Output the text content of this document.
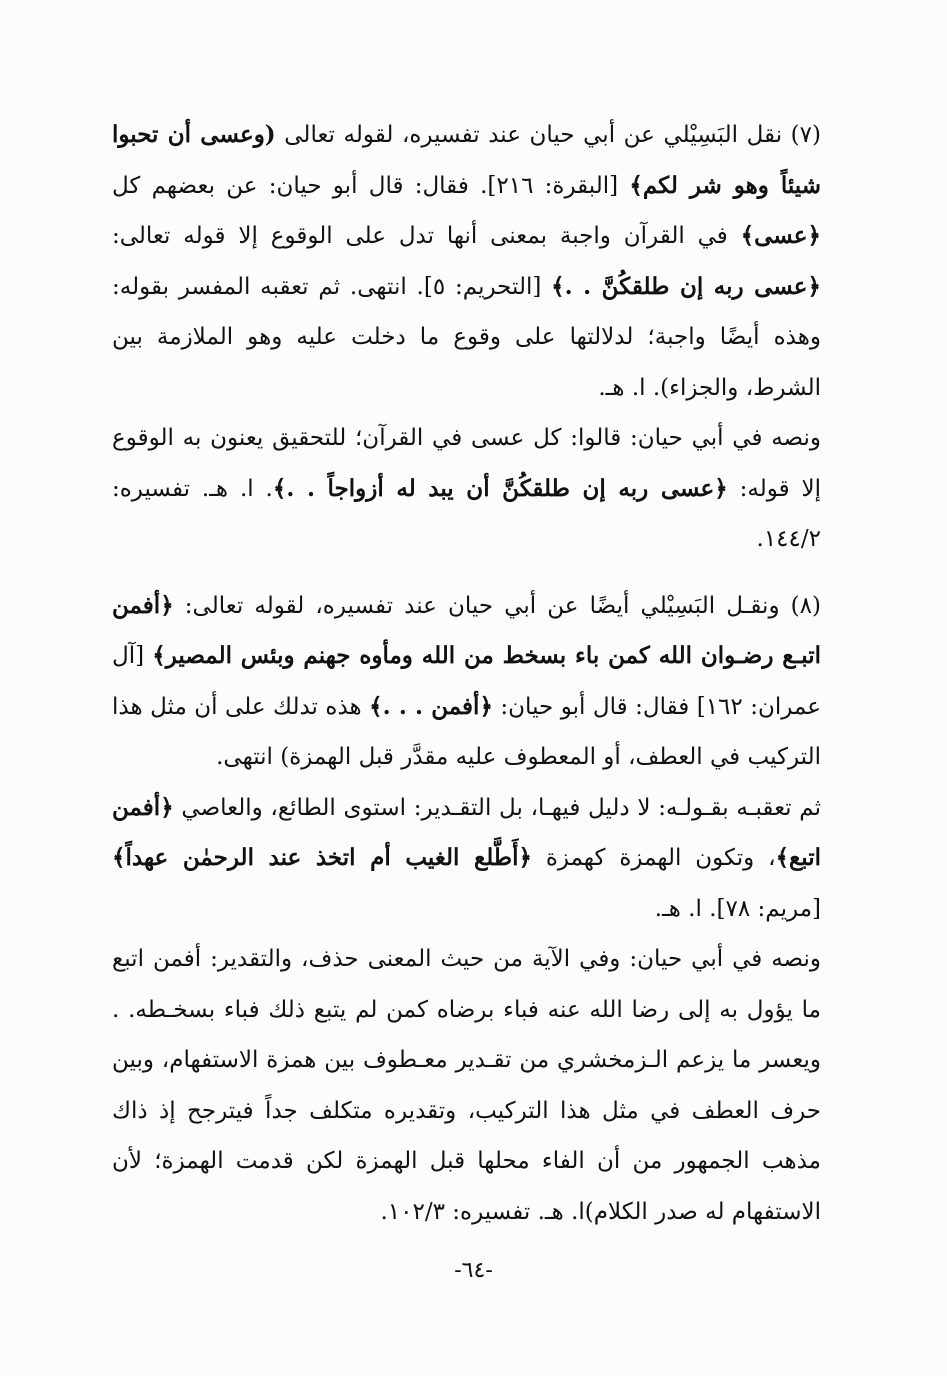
(٧) نقل البَسِيْلي عن أبي حيان عند تفسيره، لقوله تعالى (وعسى أن تحبوا شيئاً وهو شر لكم﴾ [البقرة: ٢١٦]. فقال: قال أبو حيان: عن بعضهم كل ﴿عسى﴾ في القرآن واجبة بمعنى أنها تدل على الوقوع إلا قوله تعالى: ﴿عسى ربه إن طلقكُنَّ . .﴾ [التحريم: ٥]. انتهى. ثم تعقبه المفسر بقوله: وهذه أيضًا واجبة؛ لدلالتها على وقوع ما دخلت عليه وهو الملازمة بين الشرط، والجزاء). ا. هـ.

ونصه في أبي حيان: قالوا: كل عسى في القرآن؛ للتحقيق يعنون به الوقوع إلا قوله: ﴿عسى ربه إن طلقكُنَّ أن يبد له أزواجاً . .﴾. ا. هـ. تفسيره: ١٤٤/٢.

(٨) ونقـل البَسِيْلي أيضًا عن أبي حيان عند تفسيره، لقوله تعالى: ﴿أفمن اتبـع رضـوان الله كمن باء بسخط من الله ومأوه جهنم وبئس المصير﴾ [آل عمران: ١٦٢] فقال: قال أبو حيان: ﴿أفمن . . .﴾ هذه تدلك على أن مثل هذا التركيب في العطف، أو المعطوف عليه مقدَّر قبل الهمزة) انتهى.

ثم تعقبـه بقـولـه: لا دليل فيهـا، بل التقـدير: استوى الطائع، والعاصي ﴿أفمن اتبع﴾، وتكون الهمزة كهمزة ﴿أَطَّلع الغيب أم اتخذ عند الرحمٰن عهداً﴾ [مريم: ٧٨]. ا. هـ.

ونصه في أبي حيان: وفي الآية من حيث المعنى حذف، والتقدير: أفمن اتبع ما يؤول به إلى رضا الله عنه فباء برضاه كمن لم يتبع ذلك فباء بسخـطه. . ويعسر ما يزعم الـزمخشري من تقـدير معـطوف بين همزة الاستفهام، وبين حرف العطف في مثل هذا التركيب، وتقديره متكلف جداً فيترجح إذ ذاك مذهب الجمهور من أن الفاء محلها قبل الهمزة لكن قدمت الهمزة؛ لأن الاستفهام له صدر الكلام)ا. هـ. تفسيره: ١٠٢/٣.

-٦٤-
